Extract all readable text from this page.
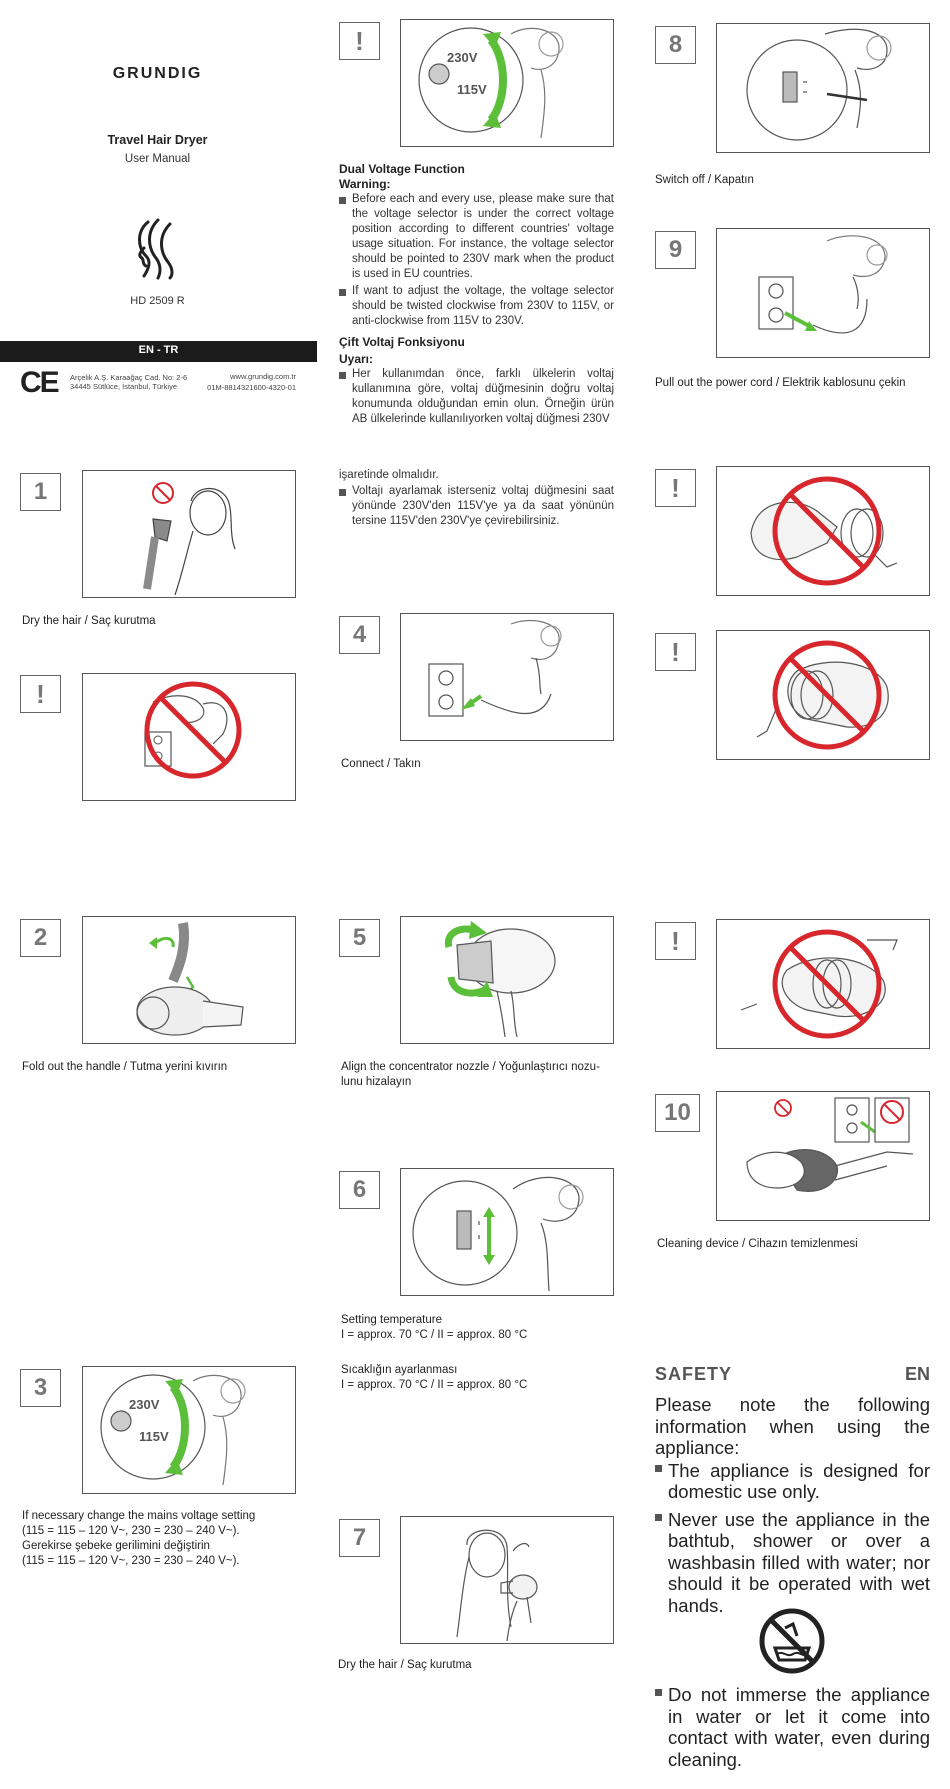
GRUNDIG
Travel Hair Dryer
User Manual
HD 2509 R
EN - TR
CE Arçelik A.Ş. Karaağaç Cad. No: 2-6
34445 Sütlüce, İstanbul, Türkiye
www.grundig.com.tr
01M-8814321600-4320-01
1
Dry the hair / Saç kurutma
!
2
Fold out the handle / Tutma yerini kıvırın
3
230V
115V
If necessary change the mains voltage setting
(115 = 115 – 120 V~, 230 = 230 – 240 V~).
Gerekirse şebeke gerilimini değiştirin
(115 = 115 – 120 V~, 230 = 230 – 240 V~).
!
230V
115V
Dual Voltage Function
Warning:
Before each and every use, please make sure that the voltage selector is under the correct voltage position according to different countries' voltage usage situation. For instance, the voltage selector should be pointed to 230V mark when the product is used in EU countries.
If want to adjust the voltage, the voltage selector should be twisted clockwise from 230V to 115V, or anti-clockwise from 115V to 230V.
Çift Voltaj Fonksiyonu
Uyarı:
Her kullanımdan önce, farklı ülkelerin voltaj kullanımına göre, voltaj düğmesinin doğru voltaj konumunda olduğundan emin olun. Örneğin ürün AB ülkelerinde kullanılıyorken voltaj düğmesi 230V
işaretinde olmalıdır.
Voltajı ayarlamak isterseniz voltaj düğmesini saat yönünde 230V'den 115V'ye ya da saat yönünün tersine 115V'den 230V'ye çevirebilirsiniz.
4
Connect / Takın
5
Align the concentrator nozzle / Yoğunlaştırıcı nozu-
lunu hizalayın
6
Setting temperature
I = approx. 70 °C / II = approx. 80 °C
Sıcaklığın ayarlanması
I = approx. 70 °C / II = approx. 80 °C
7
Dry the hair / Saç kurutma
8
Switch off / Kapatın
9
Pull out the power cord / Elektrik kablosunu çekin
!
!
!
10
Cleaning device / Cihazın temizlenmesi
SAFETY	EN
Please note the following information when using the appliance:
The appliance is designed for domestic use only.
Never use the appliance in the bathtub, shower or over a washbasin filled with water; nor should it be operated with wet hands.
Do not immerse the appliance in water or let it come into contact with water, even during cleaning.
